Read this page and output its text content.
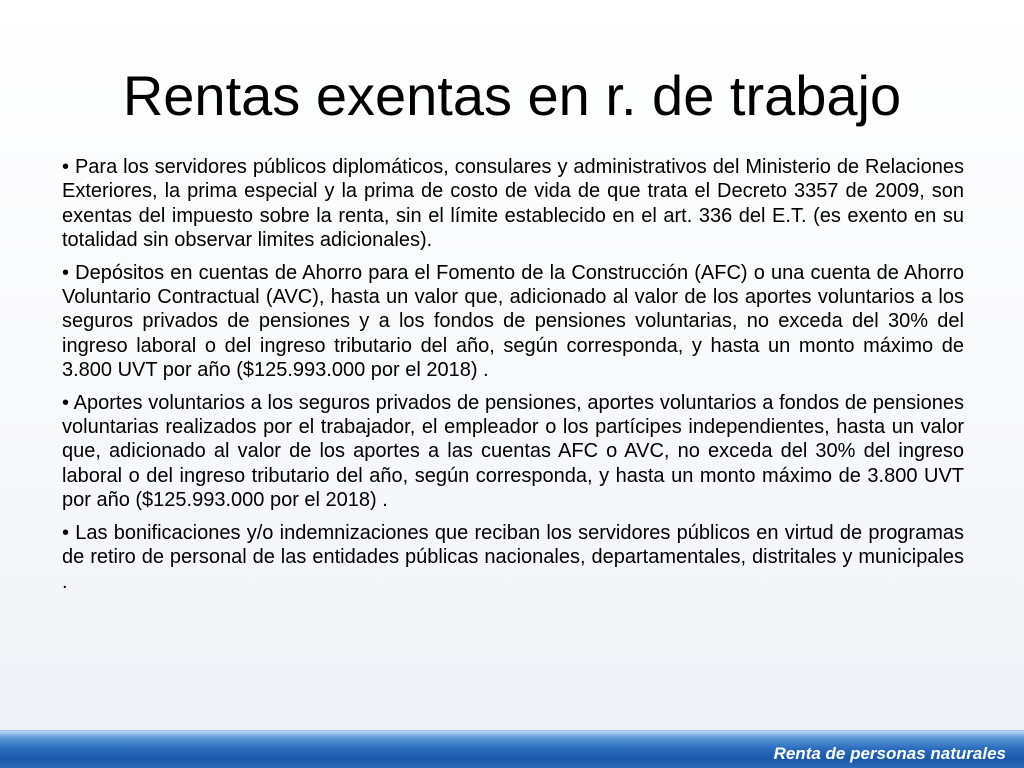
Rentas exentas en r. de trabajo

• Para los servidores públicos diplomáticos, consulares y administrativos del Ministerio de Relaciones Exteriores, la prima especial y la prima de costo de vida de que trata el Decreto 3357 de 2009, son exentas del impuesto sobre la renta, sin el límite establecido en el art. 336 del E.T. (es exento en su totalidad sin observar limites adicionales).

• Depósitos en cuentas de Ahorro para el Fomento de la Construcción (AFC) o una cuenta de Ahorro Voluntario Contractual (AVC), hasta un valor que, adicionado al valor de los aportes voluntarios a los seguros privados de pensiones y a los fondos de pensiones voluntarias, no exceda del 30% del ingreso laboral o del ingreso tributario del año, según corresponda, y hasta un monto máximo de 3.800 UVT por año ($125.993.000 por el 2018) .

• Aportes voluntarios a los seguros privados de pensiones, aportes voluntarios a fondos de pensiones voluntarias realizados por el trabajador, el empleador o los partícipes independientes, hasta un valor que, adicionado al valor de los aportes a las cuentas AFC o AVC, no exceda del 30% del ingreso laboral o del ingreso tributario del año, según corresponda, y hasta un monto máximo de 3.800 UVT por año ($125.993.000 por el 2018) .

• Las bonificaciones y/o indemnizaciones que reciban los servidores públicos en virtud de programas de retiro de personal de las entidades públicas nacionales, departamentales, distritales y municipales .

Renta de personas naturales
